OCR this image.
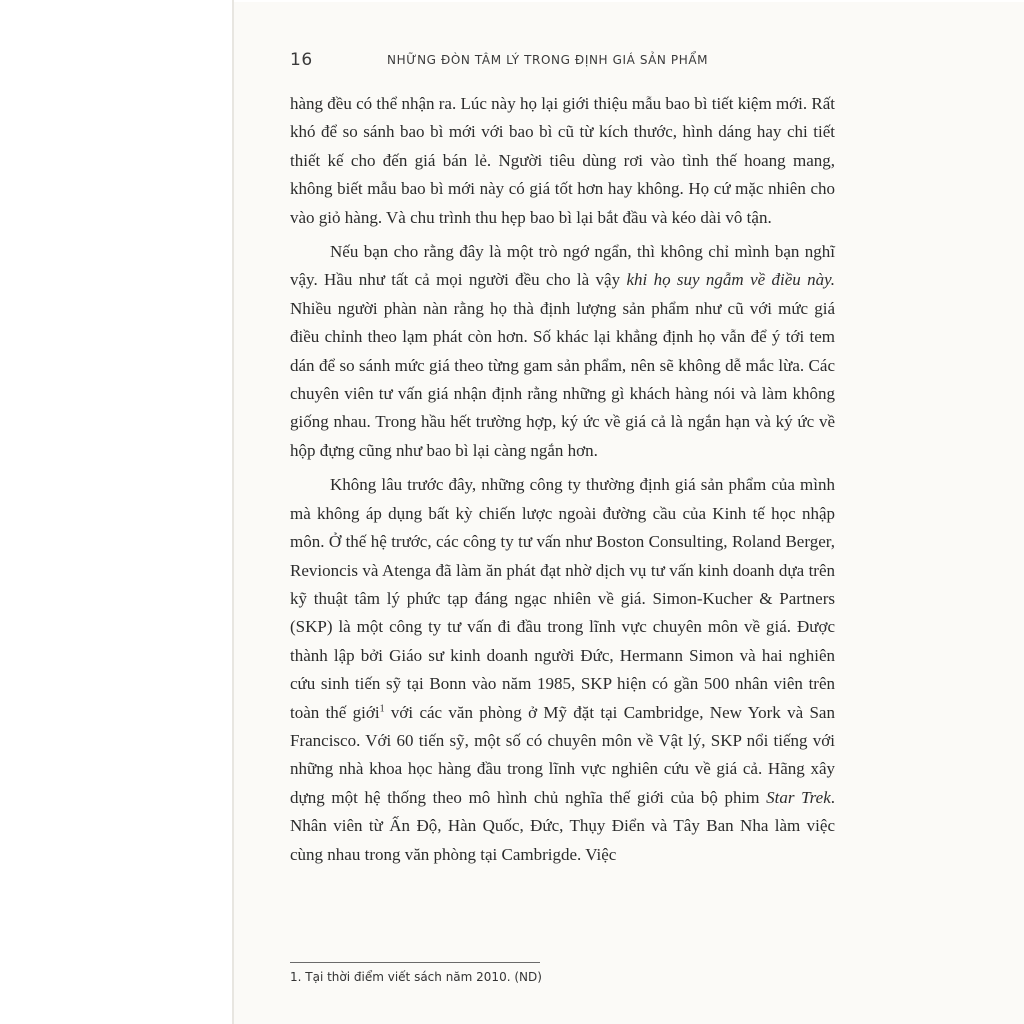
16	NHỮNG ĐÒN TÂM LÝ TRONG ĐỊNH GIÁ SẢN PHẨM

hàng đều có thể nhận ra. Lúc này họ lại giới thiệu mẫu bao bì tiết kiệm mới. Rất khó để so sánh bao bì mới với bao bì cũ từ kích thước, hình dáng hay chi tiết thiết kế cho đến giá bán lẻ. Người tiêu dùng rơi vào tình thế hoang mang, không biết mẫu bao bì mới này có giá tốt hơn hay không. Họ cứ mặc nhiên cho vào giỏ hàng. Và chu trình thu hẹp bao bì lại bắt đầu và kéo dài vô tận.

Nếu bạn cho rằng đây là một trò ngớ ngẩn, thì không chỉ mình bạn nghĩ vậy. Hầu như tất cả mọi người đều cho là vậy khi họ suy ngẫm về điều này. Nhiều người phàn nàn rằng họ thà định lượng sản phẩm như cũ với mức giá điều chỉnh theo lạm phát còn hơn. Số khác lại khẳng định họ vẫn để ý tới tem dán để so sánh mức giá theo từng gam sản phẩm, nên sẽ không dễ mắc lừa. Các chuyên viên tư vấn giá nhận định rằng những gì khách hàng nói và làm không giống nhau. Trong hầu hết trường hợp, ký ức về giá cả là ngắn hạn và ký ức về hộp đựng cũng như bao bì lại càng ngắn hơn.

Không lâu trước đây, những công ty thường định giá sản phẩm của mình mà không áp dụng bất kỳ chiến lược ngoài đường cầu của Kinh tế học nhập môn. Ở thế hệ trước, các công ty tư vấn như Boston Consulting, Roland Berger, Revioncis và Atenga đã làm ăn phát đạt nhờ dịch vụ tư vấn kinh doanh dựa trên kỹ thuật tâm lý phức tạp đáng ngạc nhiên về giá. Simon-Kucher & Partners (SKP) là một công ty tư vấn đi đầu trong lĩnh vực chuyên môn về giá. Được thành lập bởi Giáo sư kinh doanh người Đức, Hermann Simon và hai nghiên cứu sinh tiến sỹ tại Bonn vào năm 1985, SKP hiện có gần 500 nhân viên trên toàn thế giới$^1$ với các văn phòng ở Mỹ đặt tại Cambridge, New York và San Francisco. Với 60 tiến sỹ, một số có chuyên môn về Vật lý, SKP nổi tiếng với những nhà khoa học hàng đầu trong lĩnh vực nghiên cứu về giá cả. Hãng xây dựng một hệ thống theo mô hình chủ nghĩa thế giới của bộ phim Star Trek. Nhân viên từ Ấn Độ, Hàn Quốc, Đức, Thụy Điển và Tây Ban Nha làm việc cùng nhau trong văn phòng tại Cambrigde. Việc

1. Tại thời điểm viết sách năm 2010. (ND)
